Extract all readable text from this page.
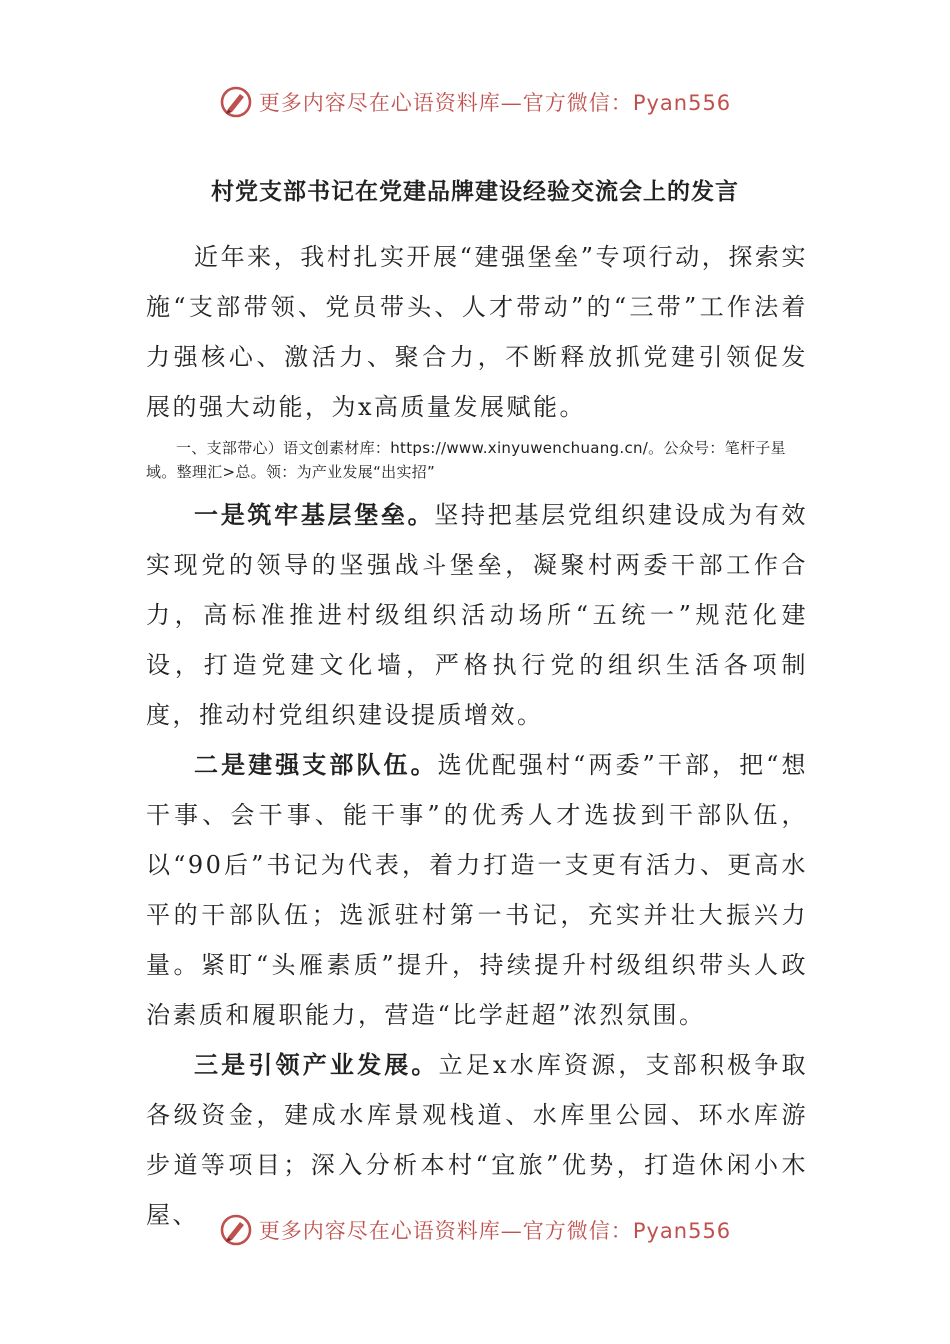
更多内容尽在心语资料库—官方微信：Pyan556
村党支部书记在党建品牌建设经验交流会上的发言

近年来，我村扎实开展“建强堡垒”专项行动，探索实施“支部带领、党员带头、人才带动”的“三带”工作法着力强核心、激活力、聚合力，不断释放抓党建引领促发展的强大动能，为x高质量发展赋能。

一、支部带心）语文创素材库：https://www.xinyuwenchuang.cn/。公众号：笔杆子星域。整理汇>总。领：为产业发展“出实招”

一是筑牢基层堡垒。坚持把基层党组织建设成为有效实现党的领导的坚强战斗堡垒，凝聚村两委干部工作合力，高标准推进村级组织活动场所“五统一”规范化建设，打造党建文化墙，严格执行党的组织生活各项制度，推动村党组织建设提质增效。

二是建强支部队伍。选优配强村“两委”干部，把“想干事、会干事、能干事”的优秀人才选拔到干部队伍，以“90后”书记为代表，着力打造一支更有活力、更高水平的干部队伍；选派驻村第一书记，充实并壮大振兴力量。紧盯“头雁素质”提升，持续提升村级组织带头人政治素质和履职能力，营造“比学赶超”浓烈氛围。

三是引领产业发展。立足x水库资源，支部积极争取各级资金，建成水库景观栈道、水库里公园、环水库游步道等项目；深入分析本村“宜旅”优势，打造休闲小木屋、

更多内容尽在心语资料库—官方微信：Pyan556
